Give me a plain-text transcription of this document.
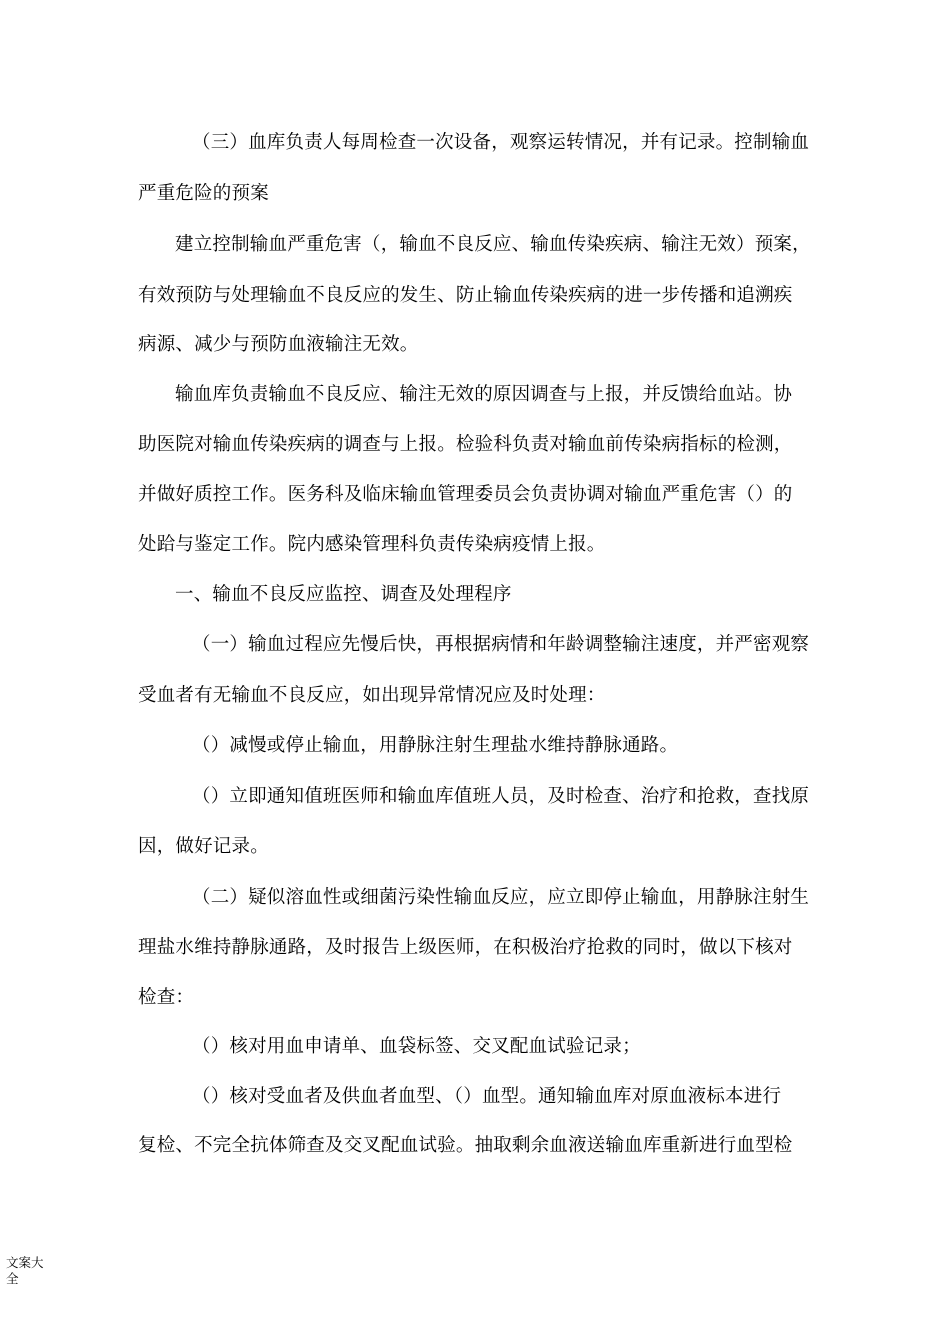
（三）血库负责人每周检查一次设备，观察运转情况，并有记录。控制输血
严重危险的预案
建立控制输血严重危害（，输血不良反应、输血传染疾病、输注无效）预案，
有效预防与处理输血不良反应的发生、防止输血传染疾病的进一步传播和追溯疾
病源、减少与预防血液输注无效。
输血库负责输血不良反应、输注无效的原因调查与上报，并反馈给血站。协
助医院对输血传染疾病的调查与上报。检验科负责对输血前传染病指标的检测，
并做好质控工作。医务科及临床输血管理委员会负责协调对输血严重危害（）的
处跲与鉴定工作。院内感染管理科负责传染病疫情上报。
一、输血不良反应监控、调查及处理程序
（一）输血过程应先慢后快，再根据病情和年龄调整输注速度，并严密观察
受血者有无输血不良反应，如出现异常情况应及时处理：
（）减慢或停止输血，用静脉注射生理盐水维持静脉通路。
（）立即通知值班医师和输血库值班人员，及时检查、治疗和抢救，查找原
因，做好记录。
（二）疑似溶血性或细菌污染性输血反应，应立即停止输血，用静脉注射生
理盐水维持静脉通路，及时报告上级医师，在积极治疗抢救的同时，做以下核对
检查：
（）核对用血申请单、血袋标签、交叉配血试验记录；
（）核对受血者及供血者血型、（）血型。通知输血库对原血液标本进行
复检、不完全抗体筛查及交叉配血试验。抽取剩余血液送输血库重新进行血型检
文案大全
